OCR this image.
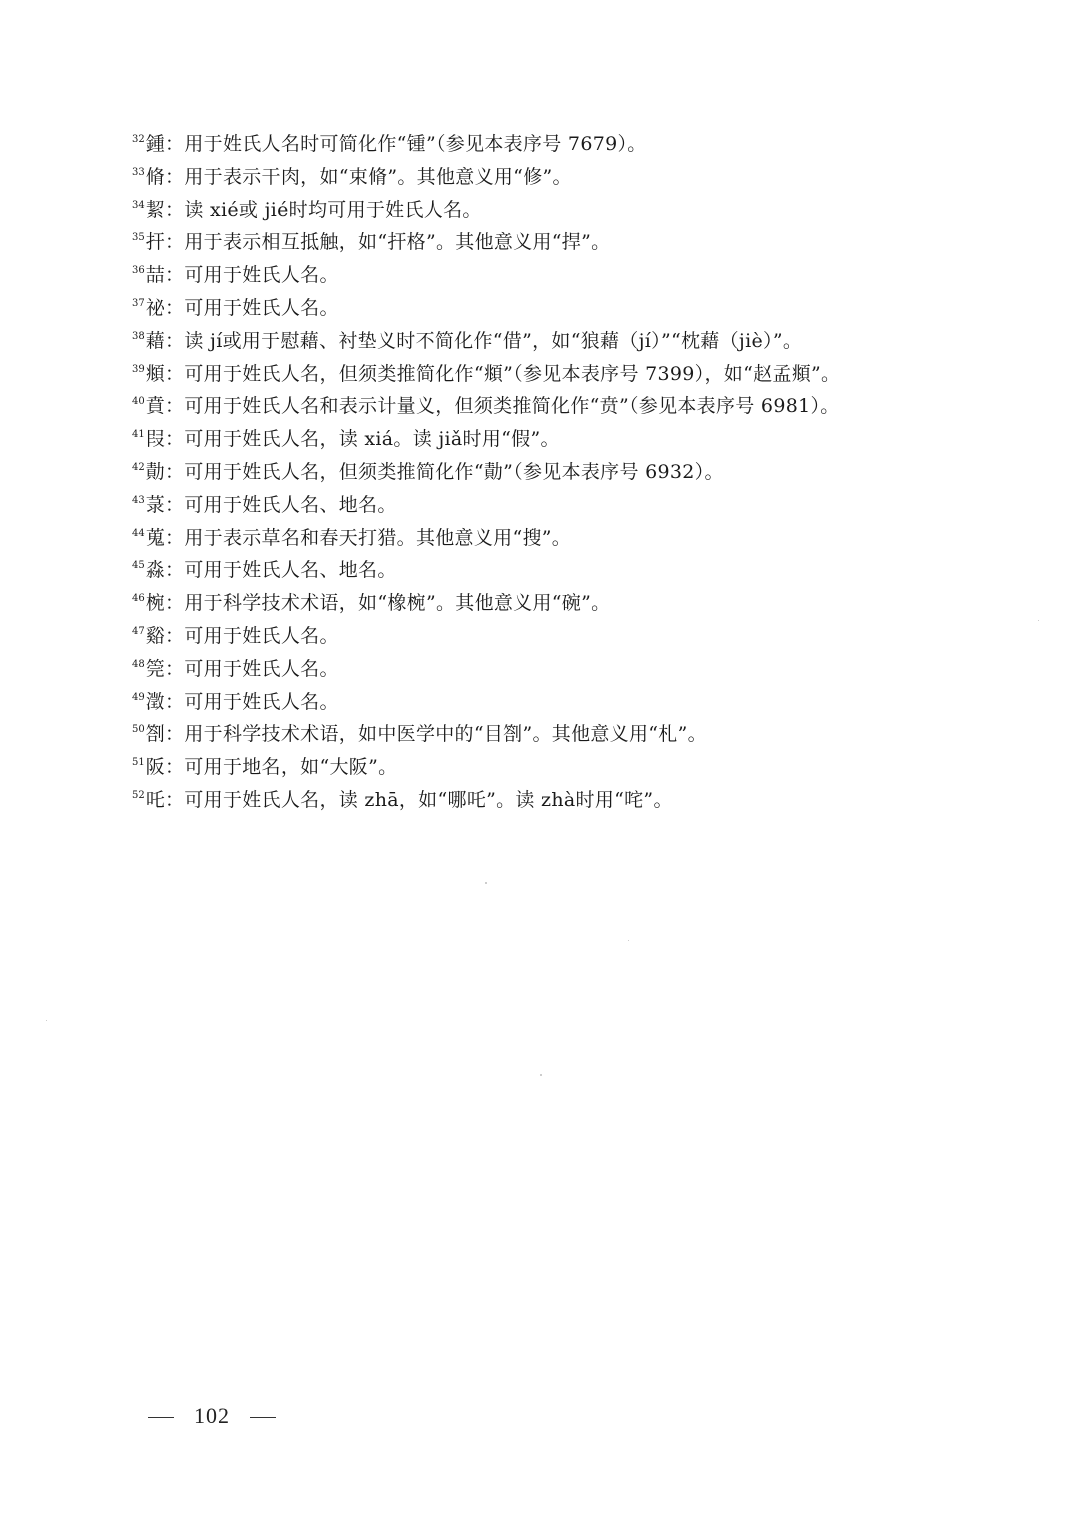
$^{32}$鍾：用于姓氏人名时可简化作“锺”（参见本表序号 7679）。
$^{33}$脩：用于表示干肉，如“束脩”。其他意义用“修”。
$^{34}$絜：读 xié或 jié时均可用于姓氏人名。
$^{35}$扞：用于表示相互抵触，如“扞格”。其他意义用“捍”。
$^{36}$喆：可用于姓氏人名。
$^{37}$祕：可用于姓氏人名。
$^{38}$藉：读 jí或用于慰藉、衬垫义时不简化作“借”，如“狼藉（jí）”“枕藉（jiè）”。
$^{39}$頫：可用于姓氏人名，但须类推简化作“頫”（参见本表序号 7399），如“赵孟頫”。
$^{40}$賁：可用于姓氏人名和表示计量义，但须类推简化作“贲”（参见本表序号 6981）。
$^{41}$叚：可用于姓氏人名，读 xiá。读 jiǎ时用“假”。
$^{42}$勣：可用于姓氏人名，但须类推简化作“勣”（参见本表序号 6932）。
$^{43}$菉：可用于姓氏人名、地名。
$^{44}$蒐：用于表示草名和春天打猎。其他意义用“搜”。
$^{45}$淼：可用于姓氏人名、地名。
$^{46}$椀：用于科学技术术语，如“橡椀”。其他意义用“碗”。
$^{47}$谿：可用于姓氏人名。
$^{48}$筦：可用于姓氏人名。
$^{49}$澂：可用于姓氏人名。
$^{50}$劄：用于科学技术术语，如中医学中的“目劄”。其他意义用“札”。
$^{51}$阪：可用于地名，如“大阪”。
$^{52}$吒：可用于姓氏人名，读 zhā，如“哪吒”。读 zhà时用“咤”。
102
